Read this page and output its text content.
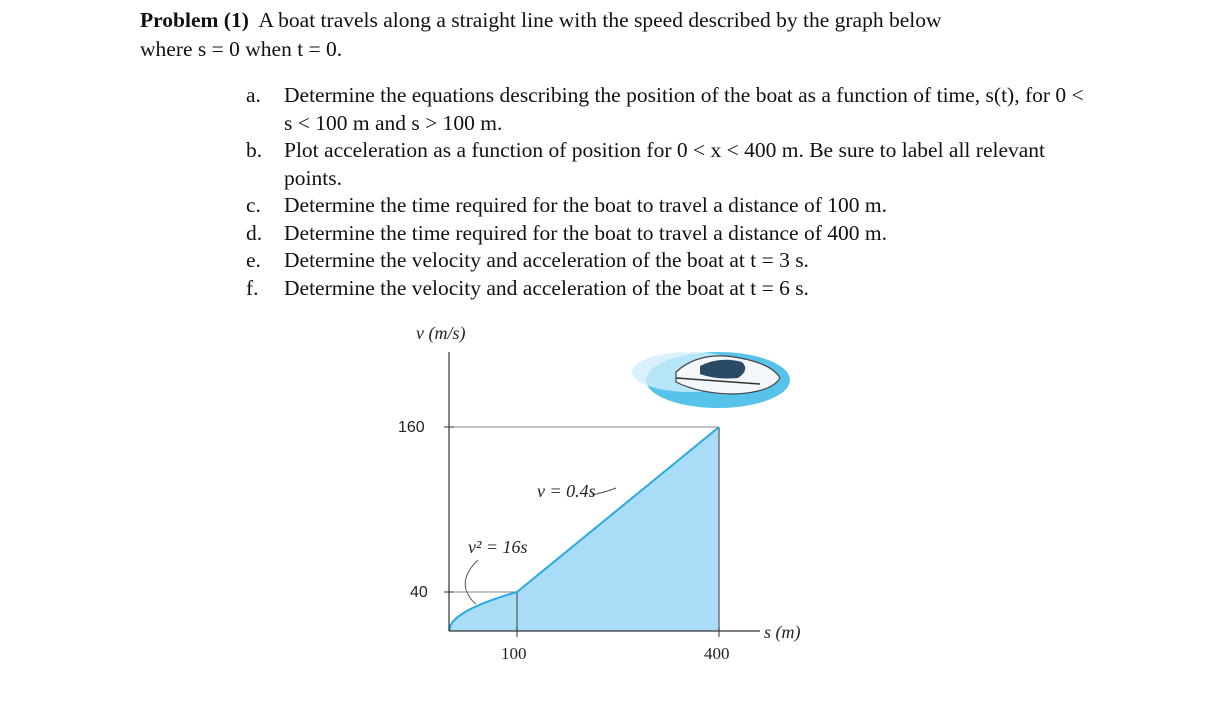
Problem (1) A boat travels along a straight line with the speed described by the graph below
where s = 0 when t = 0.
a.	Determine the equations describing the position of the boat as a function of time, s(t), for 0 < s < 100 m and s > 100 m.
b.	Plot acceleration as a function of position for 0 < x < 400 m. Be sure to label all relevant points.
c.	Determine the time required for the boat to travel a distance of 100 m.
d.	Determine the time required for the boat to travel a distance of 400 m.
e.	Determine the velocity and acceleration of the boat at t = 3 s.
f.	Determine the velocity and acceleration of the boat at t = 6 s.
v (m/s)
s (m)
160
40
100	400
v = 0.4s
v² = 16s
